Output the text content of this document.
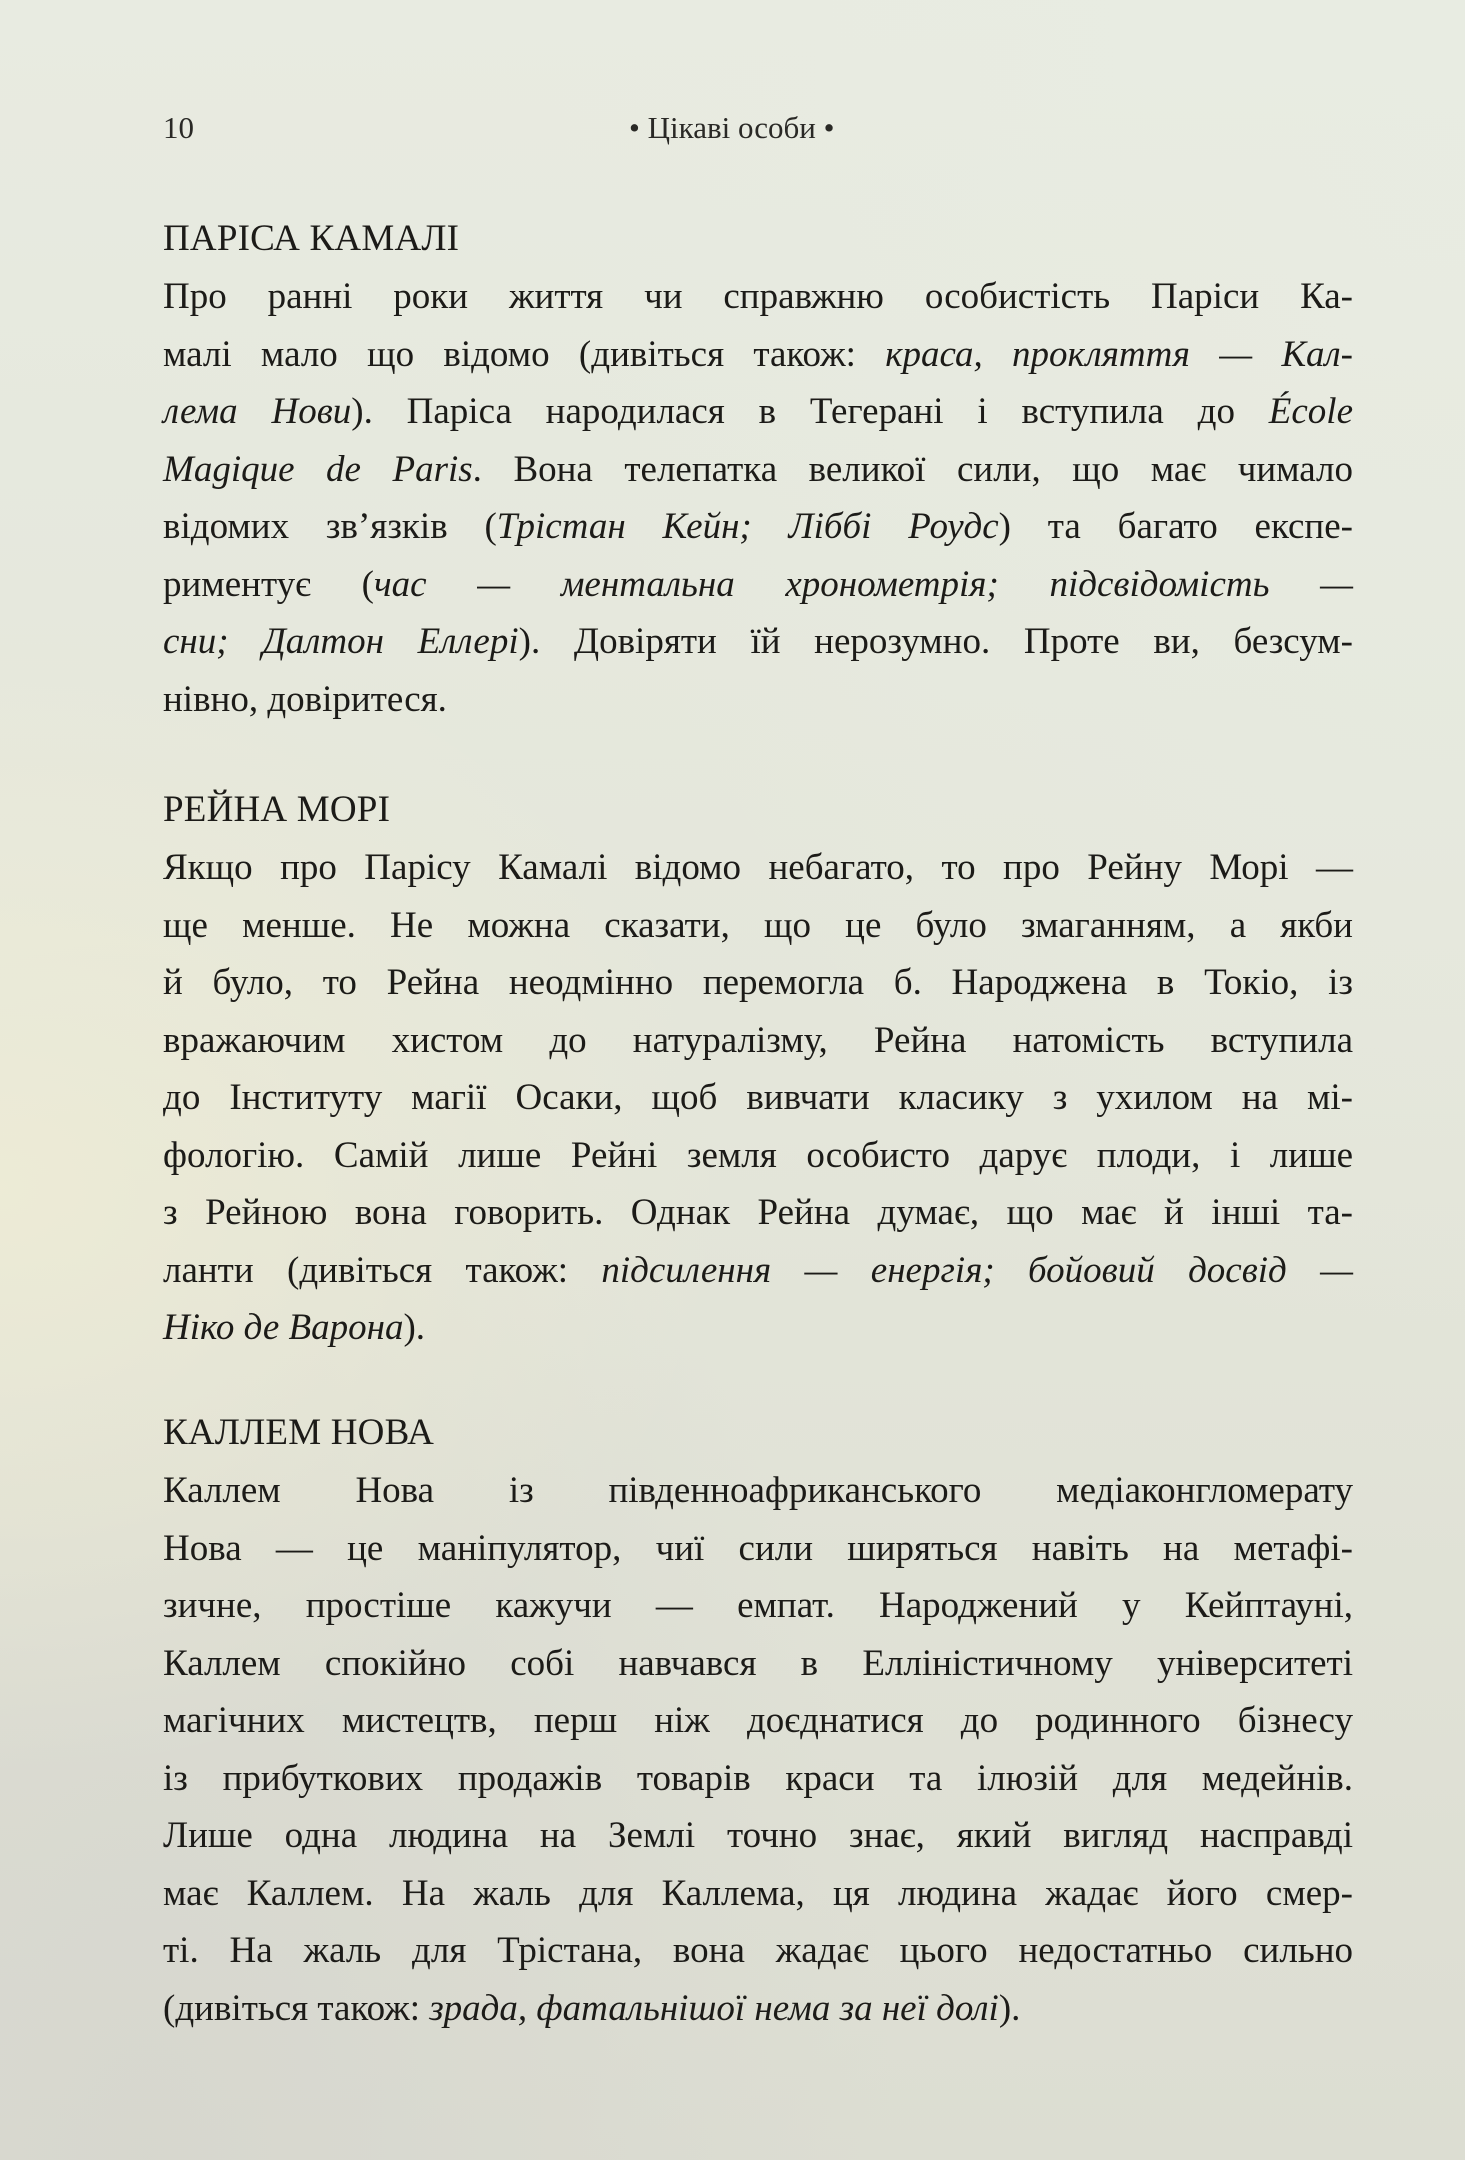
10	• Цікаві особи •
ПАРІСА КАМАЛІ
Про ранні роки життя чи справжню особистість Паріси Ка-
малі мало що відомо (дивіться також: краса, прокляття — Кал-
лема Нови). Паріса народилася в Тегерані і вступила до École
Magique de Paris. Вона телепатка великої сили, що має чимало
відомих зв’язків (Трістан Кейн; Ліббі Роудс) та багато експе-
риментує (час — ментальна хронометрія; підсвідомість —
сни; Далтон Еллері). Довіряти їй нерозумно. Проте ви, безсум-
нівно, довіритеся.
РЕЙНА МОРІ
Якщо про Парісу Камалі відомо небагато, то про Рейну Морі —
ще менше. Не можна сказати, що це було змаганням, а якби
й було, то Рейна неодмінно перемогла б. Народжена в Токіо, із
вражаючим хистом до натуралізму, Рейна натомість вступила
до Інституту магії Осаки, щоб вивчати класику з ухилом на мі-
фологію. Самій лише Рейні земля особисто дарує плоди, і лише
з Рейною вона говорить. Однак Рейна думає, що має й інші та-
ланти (дивіться також: підсилення — енергія; бойовий досвід —
Ніко де Варона).
КАЛЛЕМ НОВА
Каллем Нова із південноафриканського медіаконгломерату
Нова — це маніпулятор, чиї сили ширяться навіть на метафі-
зичне, простіше кажучи — емпат. Народжений у Кейптауні,
Каллем спокійно собі навчався в Елліністичному університеті
магічних мистецтв, перш ніж доєднатися до родинного бізнесу
із прибуткових продажів товарів краси та ілюзій для медейнів.
Лише одна людина на Землі точно знає, який вигляд насправді
має Каллем. На жаль для Каллема, ця людина жадає його смер-
ті. На жаль для Трістана, вона жадає цього недостатньо сильно
(дивіться також: зрада, фатальнішої нема за неї долі).
